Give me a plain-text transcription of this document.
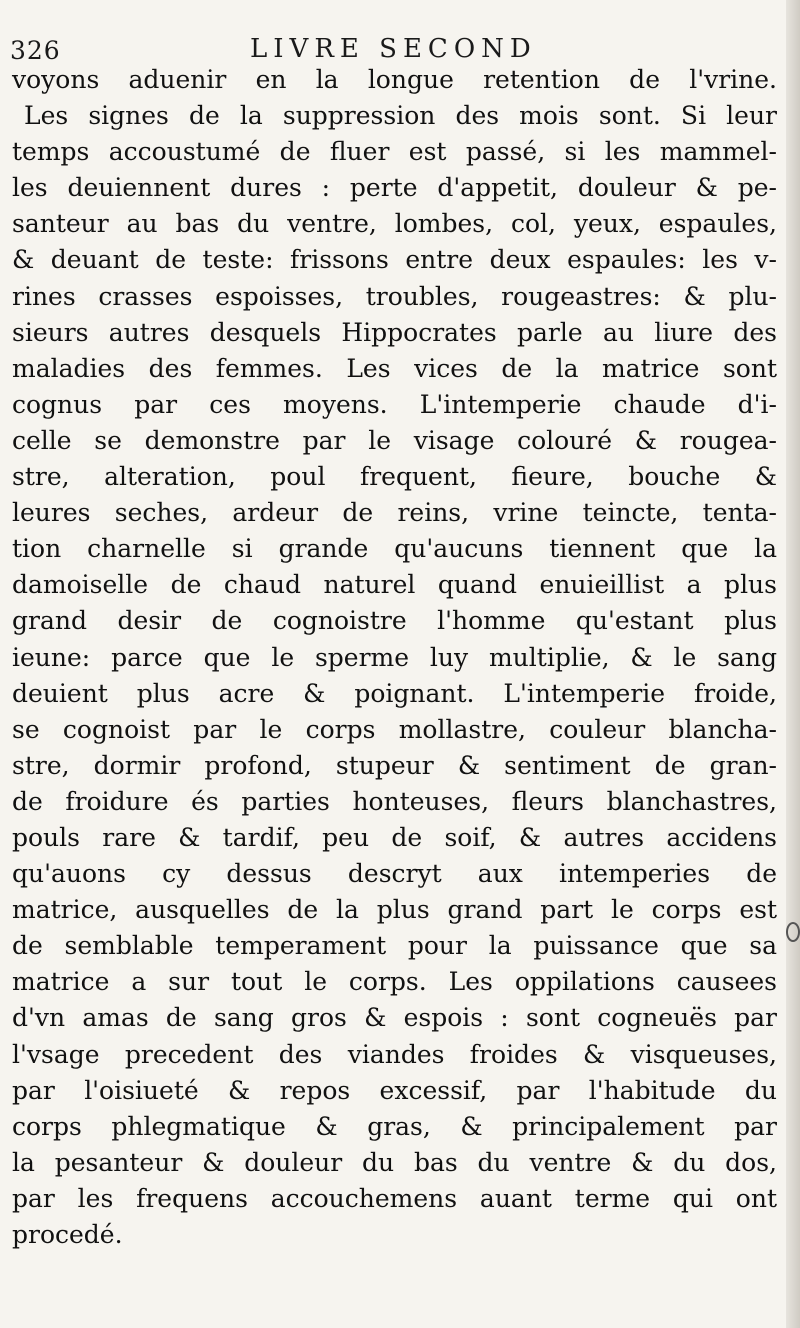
326	LIVRE SECOND
voyons aduenir en la longue retention de l'vrine.
Les signes de la suppression des mois sont. Si leur
temps accoustumé de fluer est passé, si les mammel-
les deuiennent dures : perte d'appetit, douleur & pe-
santeur au bas du ventre, lombes, col, yeux, espaules,
& deuant de teste: frissons entre deux espaules: les v-
rines crasses espoisses, troubles, rougeastres: & plu-
sieurs autres desquels Hippocrates parle au liure des
maladies des femmes. Les vices de la matrice sont
cognus par ces moyens. L'intemperie chaude d'i-
celle se demonstre par le visage colouré & rougea-
stre, alteration, poul frequent, fieure, bouche &
leures seches, ardeur de reins, vrine teincte, tenta-
tion charnelle si grande qu'aucuns tiennent que la
damoiselle de chaud naturel quand enuieillist a plus
grand desir de cognoistre l'homme qu'estant plus
ieune: parce que le sperme luy multiplie, & le sang
deuient plus acre & poignant. L'intemperie froide,
se cognoist par le corps mollastre, couleur blancha-
stre, dormir profond, stupeur & sentiment de gran-
de froidure és parties honteuses, fleurs blanchastres,
pouls rare & tardif, peu de soif, & autres accidens
qu'auons cy dessus descryt aux intemperies de
matrice, ausquelles de la plus grand part le corps est
de semblable temperament pour la puissance que sa
matrice a sur tout le corps. Les oppilations causees
d'vn amas de sang gros & espois : sont cogneuës par
l'vsage precedent des viandes froides & visqueuses,
par l'oisiueté & repos excessif, par l'habitude du
corps phlegmatique & gras, & principalement par
la pesanteur & douleur du bas du ventre & du dos,
par les frequens accouchemens auant terme qui ont
procedé.
